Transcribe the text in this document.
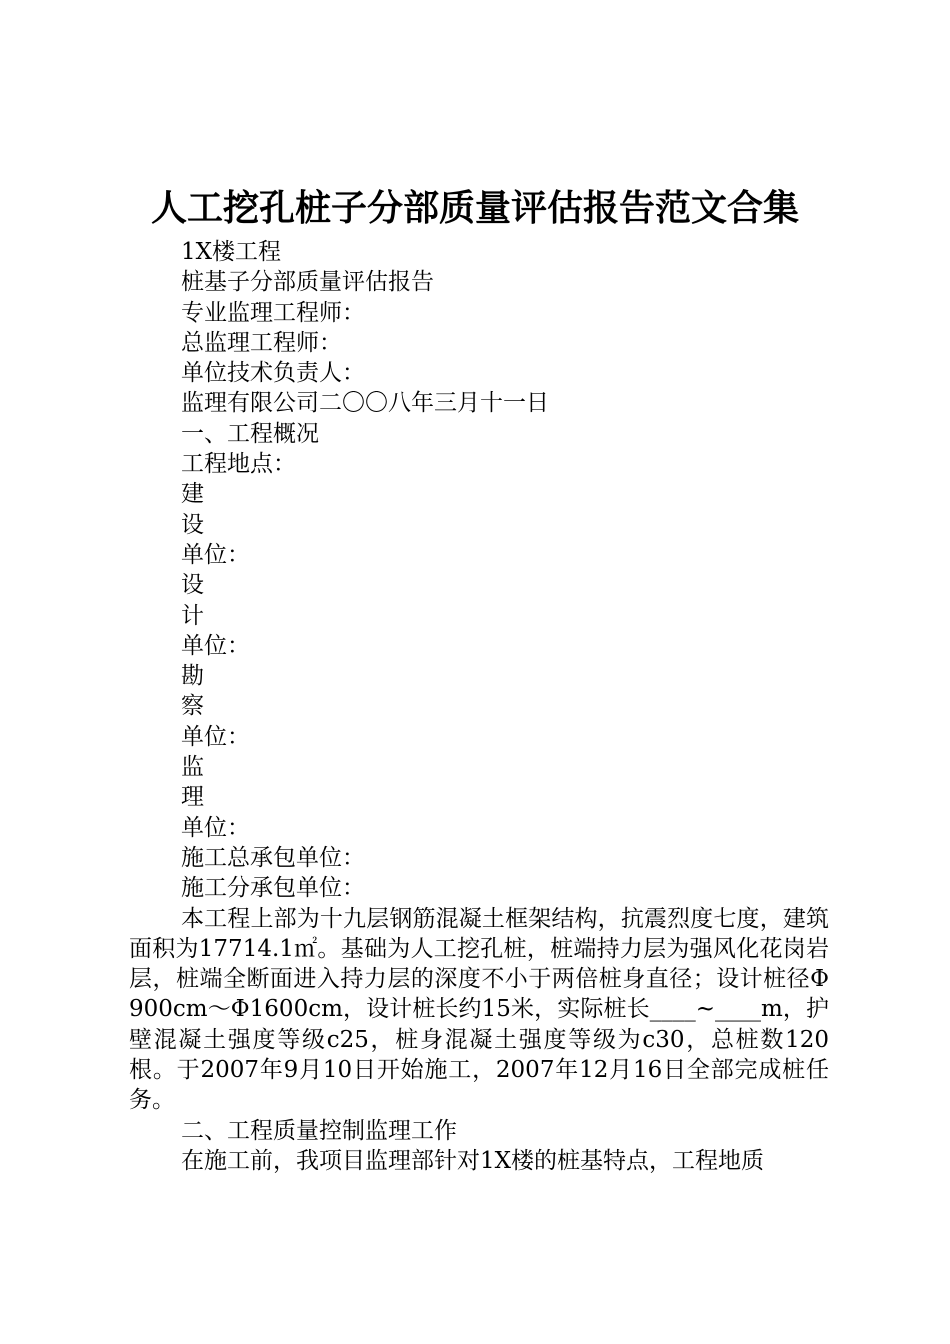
人工挖孔桩子分部质量评估报告范文合集
1X楼工程
桩基子分部质量评估报告
专业监理工程师：
总监理工程师：
单位技术负责人：
监理有限公司二〇〇八年三月十一日
一、工程概况
工程地点：
建
设
单位：
设
计
单位：
勘
察
单位：
监
理
单位：
施工总承包单位：
施工分承包单位：

本工程上部为十九层钢筋混凝土框架结构，抗震烈度七度，建筑面积为17714.1㎡。基础为人工挖孔桩，桩端持力层为强风化花岗岩层，桩端全断面进入持力层的深度不小于两倍桩身直径；设计桩径Φ900cm～Φ1600cm，设计桩长约15米，实际桩长____~____m，护壁混凝土强度等级c25，桩身混凝土强度等级为c30，总桩数120根。于2007年9月10日开始施工，2007年12月16日全部完成桩任务。

二、工程质量控制监理工作

在施工前，我项目监理部针对1X楼的桩基特点，工程地质
